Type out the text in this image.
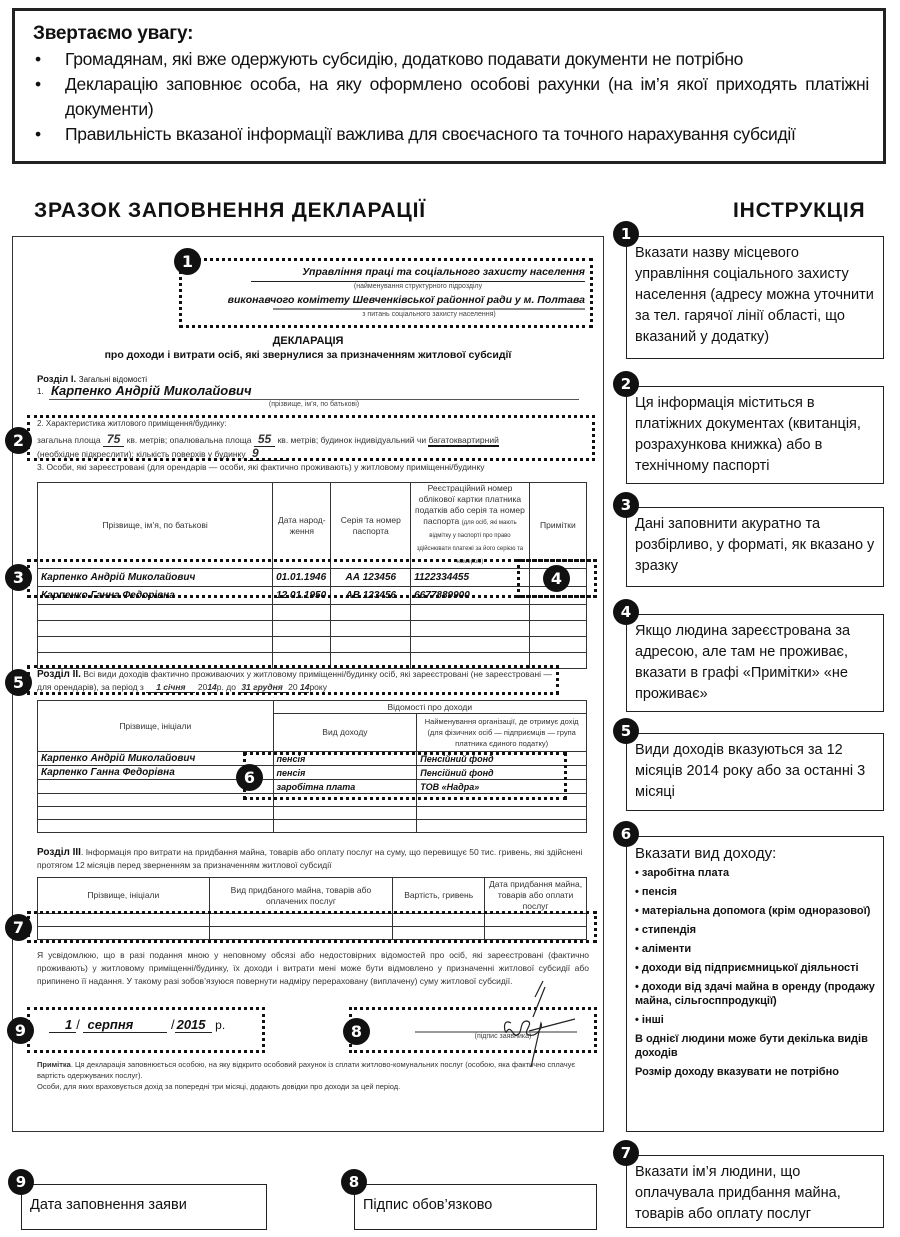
Звертаємо увагу:
• Громадянам, які вже одержують субсидію, додатково подавати документи не потрібно
• Декларацію заповнює особа, на яку оформлено особові рахунки (на ім’я якої приходять платіжні документи)
• Правильність вказаної інформації важлива для своєчасного та точного нарахування субсидії
ЗРАЗОК ЗАПОВНЕННЯ ДЕКЛАРАЦІЇ	ІНСТРУКЦІЯ
1
Управління праці та соціального захисту населення
(найменування структурного підрозділу
виконавчого комітету Шевченківської районної ради у м. Полтава
з питань соціального захисту населення)
ДЕКЛАРАЦІЯ
про доходи і витрати осіб, які звернулися за призначенням житлової субсидії
Розділ І. Загальні відомості
1. Карпенко Андрій Миколайович
(прізвище, ім’я, по батькові)
2
2. Характеристика житлового приміщення/будинку:
загальна площа 75 кв. метрів; опалювальна площа 55 кв. метрів; будинок індивідуальний чи багатоквартирний
(необхідне підкреслити); кількість поверхів у будинку 9
3. Особи, які зареєстровані (для орендарів — особи, які фактично проживають) у житловому приміщенні/будинку
Прізвище, ім’я, по батькові	Дата народ-ження	Серія та номер паспорта	Реєстраційний номер облікової картки платника податків або серія та номер паспорта (для осіб, які мають відмітку у паспорті про право здійснювати платежі за його серією та номером)	Примітки
Карпенко Андрій Миколайович	01.01.1946	АА 123456	1122334455	
Карпенко Ганна Федорівна	12.01.1950	АВ 123456	6677889900	

3	4
5	Розділ ІІ. Всі види доходів фактично проживаючих у житловому приміщенні/будинку осіб, які зареєстровані (не зареєстровані — для орендарів), за період з 1 січня 2014р. до 31 грудня 20 14року
Прізвище, ініціали	Відомості про доходи	
	Вид доходу	Найменування організації, де отримує дохід (для фізичних осіб — підприємців — група платника єдиного податку)
Карпенко Андрій Миколайович	пенсія	Пенсійний фонд
Карпенко Ганна Федорівна	пенсія	Пенсійний фонд
	заробітна плата	ТОВ «Надра»

6
Розділ ІІІ. Інформація про витрати на придбання майна, товарів або оплату послуг на суму, що перевищує 50 тис. гривень, які здійснені протягом 12 місяців перед зверненням за призначенням житлової субсидії
Прізвище, ініціали	Вид придбаного майна, товарів або оплачених послуг	Вартість, гривень	Дата придбання майна, товарів або оплати послуг

7
Я усвідомлюю, що в разі подання мною у неповному обсязі або недостовірних відомостей про осіб, які зареєстровані (фактично проживають) у житловому приміщенні/будинку, їх доходи і витрати мені може бути відмовлено у призначенні житлової субсидії або припинено її надання. У такому разі зобов’язуюся повернути надміру перераховану (виплачену) суму житлової субсидії.
9	1 / серпня	/ 2015 р.	8	(підпис заявника)
Примітка. Ця декларація заповнюється особою, на яку відкрито особовий рахунок із сплати житлово-комунальних послуг (особою, яка фактично сплачує вартість одержуваних послуг).
Особи, для яких враховується дохід за попередні три місяці, додають довідки про доходи за цей період.
1
Вказати назву місцевого управління соціального захисту населення (адресу можна уточнити за тел. гарячої лінії області, що вказаний у додатку)
2
Ця інформація міститься в платіжних документах (квитанція, розрахункова книжка) або в технічному паспорті
3
Дані заповнити акуратно та розбірливо, у форматі, як вказано у зразку
4
Якщо людина зареєстрована за адресою, але там не проживає, вказати в графі «Примітки» «не проживає»
5
Види доходів вказуються за 12 місяців 2014 року або за останні 3 місяці
6
Вказати вид доходу:
• заробітна плата
• пенсія
• матеріальна допомога (крім одноразової)
• стипендія
• аліменти
• доходи від підприємницької діяльності
• доходи від здачі майна в оренду (продажу майна, сільгосппродукції)
• інші
В однієї людини може бути декілька видів доходів
Розмір доходу вказувати не потрібно
7
Вказати ім’я людини, що оплачувала придбання майна, товарів або оплату послуг
8
Підпис обов’язково
9
Дата заповнення заяви
